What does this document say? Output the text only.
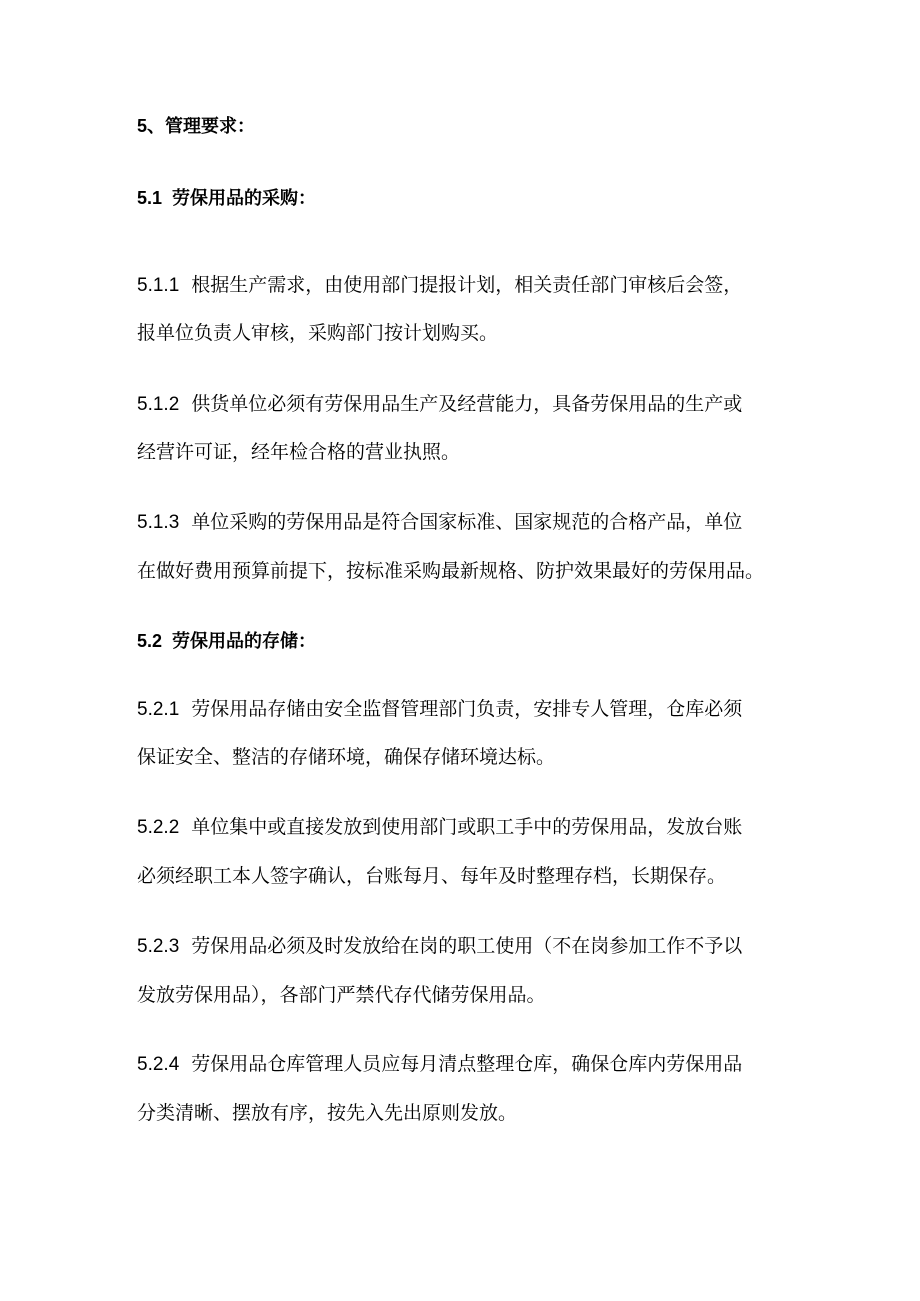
5、管理要求：
5.1 劳保用品的采购：
5.1.1 根据生产需求，由使用部门提报计划，相关责任部门审核后会签，
报单位负责人审核，采购部门按计划购买。
5.1.2 供货单位必须有劳保用品生产及经营能力，具备劳保用品的生产或
经营许可证，经年检合格的营业执照。
5.1.3 单位采购的劳保用品是符合国家标准、国家规范的合格产品，单位
在做好费用预算前提下，按标准采购最新规格、防护效果最好的劳保用品。
5.2 劳保用品的存储：
5.2.1 劳保用品存储由安全监督管理部门负责，安排专人管理，仓库必须
保证安全、整洁的存储环境，确保存储环境达标。
5.2.2 单位集中或直接发放到使用部门或职工手中的劳保用品，发放台账
必须经职工本人签字确认，台账每月、每年及时整理存档，长期保存。
5.2.3 劳保用品必须及时发放给在岗的职工使用（不在岗参加工作不予以
发放劳保用品），各部门严禁代存代储劳保用品。
5.2.4 劳保用品仓库管理人员应每月清点整理仓库，确保仓库内劳保用品
分类清晰、摆放有序，按先入先出原则发放。
